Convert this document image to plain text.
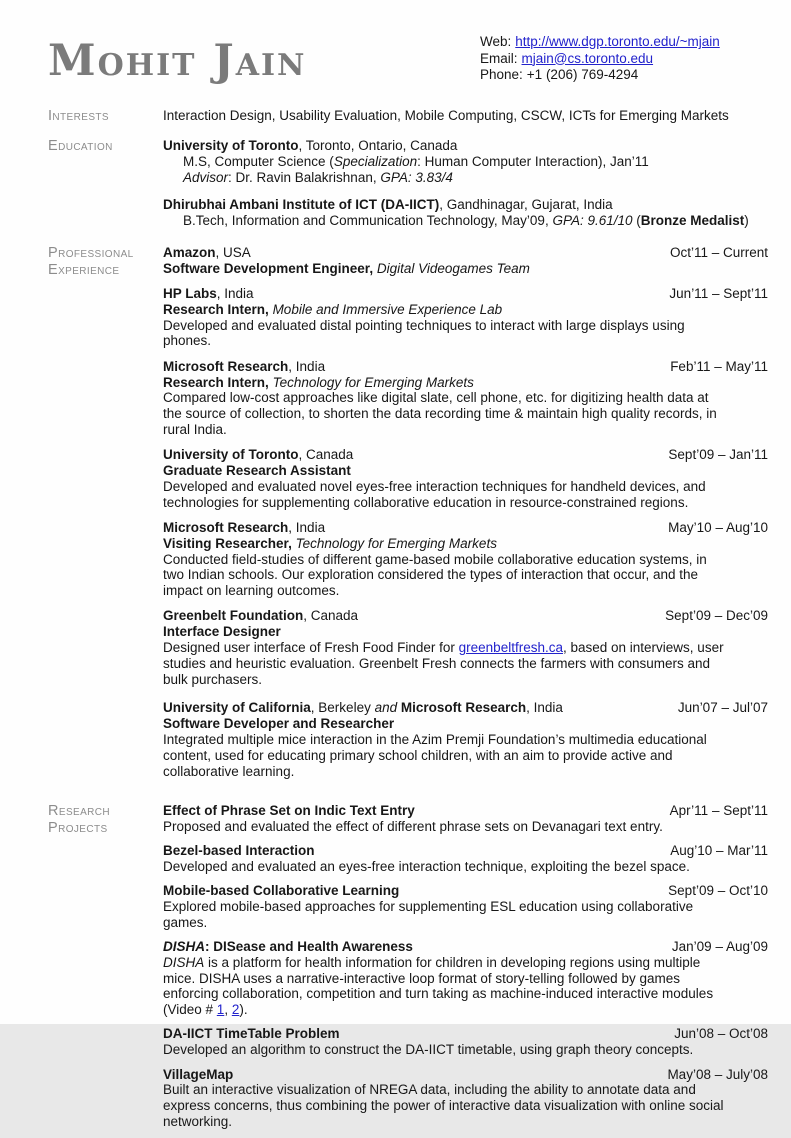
Mohit Jain	Web: http://www.dgp.toronto.edu/~mjain
Email: mjain@cs.toronto.edu
Phone: +1 (206) 769-4294
Interests	Interaction Design, Usability Evaluation, Mobile Computing, CSCW, ICTs for Emerging Markets
Education	University of Toronto, Toronto, Ontario, Canada
M.S, Computer Science (Specialization: Human Computer Interaction), Jan’11
Advisor: Dr. Ravin Balakrishnan, GPA: 3.83/4
Dhirubhai Ambani Institute of ICT (DA-IICT), Gandhinagar, Gujarat, India
B.Tech, Information and Communication Technology, May’09, GPA: 9.61/10 (Bronze Medalist)
Professional Experience
Amazon, USA	Oct’11 – Current
Software Development Engineer, Digital Videogames Team
HP Labs, India	Jun’11 – Sept’11
Research Intern, Mobile and Immersive Experience Lab
Developed and evaluated distal pointing techniques to interact with large displays using phones.
Microsoft Research, India	Feb’11 – May’11
Research Intern, Technology for Emerging Markets
Compared low-cost approaches like digital slate, cell phone, etc. for digitizing health data at the source of collection, to shorten the data recording time & maintain high quality records, in rural India.
University of Toronto, Canada	Sept’09 – Jan’11
Graduate Research Assistant
Developed and evaluated novel eyes-free interaction techniques for handheld devices, and technologies for supplementing collaborative education in resource-constrained regions.
Microsoft Research, India	May’10 – Aug’10
Visiting Researcher, Technology for Emerging Markets
Conducted field-studies of different game-based mobile collaborative education systems, in two Indian schools. Our exploration considered the types of interaction that occur, and the impact on learning outcomes.
Greenbelt Foundation, Canada	Sept’09 – Dec’09
Interface Designer
Designed user interface of Fresh Food Finder for greenbeltfresh.ca, based on interviews, user studies and heuristic evaluation. Greenbelt Fresh connects the farmers with consumers and bulk purchasers.
University of California, Berkeley and Microsoft Research, India	Jun’07 – Jul’07
Software Developer and Researcher
Integrated multiple mice interaction in the Azim Premji Foundation’s multimedia educational content, used for educating primary school children, with an aim to provide active and collaborative learning.
Research Projects
Effect of Phrase Set on Indic Text Entry	Apr’11 – Sept’11
Proposed and evaluated the effect of different phrase sets on Devanagari text entry.
Bezel-based Interaction	Aug’10 – Mar’11
Developed and evaluated an eyes-free interaction technique, exploiting the bezel space.
Mobile-based Collaborative Learning	Sept’09 – Oct’10
Explored mobile-based approaches for supplementing ESL education using collaborative games.
DISHA: DISease and Health Awareness	Jan’09 – Aug’09
DISHA is a platform for health information for children in developing regions using multiple mice. DISHA uses a narrative-interactive loop format of story-telling followed by games enforcing collaboration, competition and turn taking as machine-induced interactive modules (Video # 1, 2).
DA-IICT TimeTable Problem	Jun’08 – Oct’08
Developed an algorithm to construct the DA-IICT timetable, using graph theory concepts.
VillageMap	May’08 – July’08
Built an interactive visualization of NREGA data, including the ability to annotate data and express concerns, thus combining the power of interactive data visualization with online social networking.
